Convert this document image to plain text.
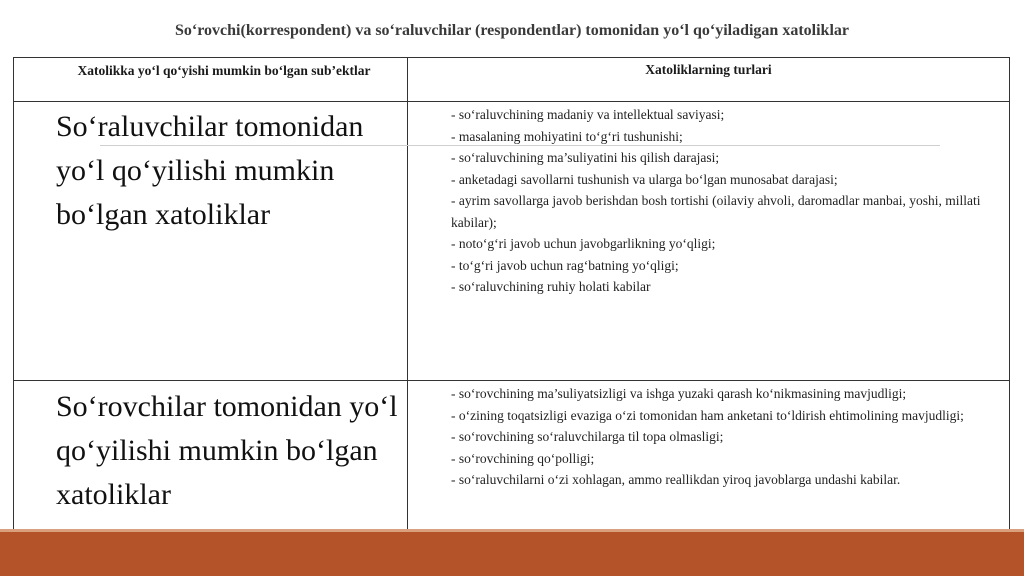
So‘rovchi(korrespondent) va so‘raluvchilar (respondentlar) tomonidan yo‘l qo‘yiladigan xatoliklar
Xatolikka yo‘l qo‘yishi mumkin bo‘lgan sub’ektlar	Xatoliklarning turlari
So‘raluvchilar tomonidan yo‘l qo‘yilishi mumkin bo‘lgan xatoliklar
- so‘raluvchining madaniy va intellektual saviyasi;
- masalaning mohiyatini to‘g‘ri tushunishi;
- so‘raluvchining ma’suliyatini his qilish darajasi;
- anketadagi savollarni tushunish va ularga bo‘lgan munosabat darajasi;
- ayrim savollarga javob berishdan bosh tortishi (oilaviy ahvoli, daromadlar manbai, yoshi, millati kabilar);
- noto‘g‘ri javob uchun javobgarlikning yo‘qligi;
- to‘g‘ri javob uchun rag‘batning yo‘qligi;
- so‘raluvchining ruhiy holati kabilar
So‘rovchilar tomonidan yo‘l qo‘yilishi mumkin bo‘lgan xatoliklar
- so‘rovchining ma’suliyatsizligi va ishga yuzaki qarash ko‘nikmasining mavjudligi;
- o‘zining toqatsizligi evaziga o‘zi tomonidan ham anketani to‘ldirish ehtimolining mavjudligi;
- so‘rovchining so‘raluvchilarga til topa olmasligi;
- so‘rovchining qo‘polligi;
- so‘raluvchilarni o‘zi xohlagan, ammo reallikdan yiroq javoblarga undashi kabilar.
